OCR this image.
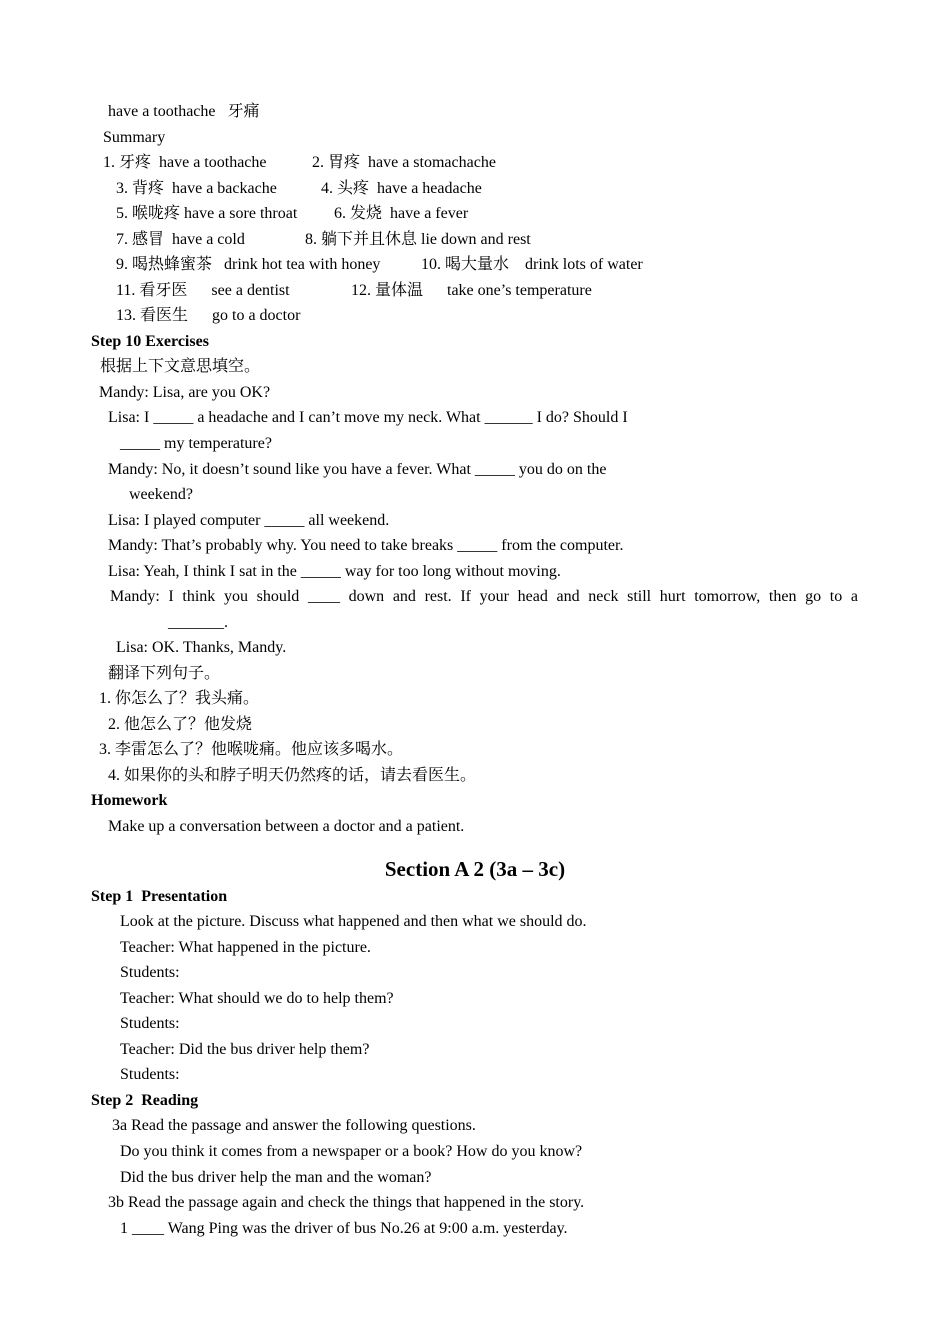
have a toothache   牙痛
Summary
1. 牙疼  have a toothache	2. 胃疼  have a stomachache
3. 背疼  have a backache	4. 头疼  have a headache
5. 喉咙疼 have a sore throat 6. 发烧  have a fever
7. 感冒  have a cold	8. 躺下并且休息 lie down and rest
9. 喝热蜂蜜茶   drink hot tea with honey	10. 喝大量水    drink lots of water
11. 看牙医      see a dentist	12. 量体温      take one’s temperature
13. 看医生      go to a doctor
Step 10 Exercises
根据上下文意思填空。
Mandy: Lisa, are you OK?
Lisa: I _____ a headache and I can’t move my neck. What ______ I do? Should I
_____ my temperature?
Mandy: No, it doesn’t sound like you have a fever. What _____ you do on the
weekend?
Lisa: I played computer _____ all weekend.
Mandy: That’s probably why. You need to take breaks _____ from the computer.
Lisa: Yeah, I think I sat in the _____ way for too long without moving.
Mandy: I think you should ____ down and rest. If your head and neck still hurt tomorrow, then go to a
_______.
Lisa: OK. Thanks, Mandy.
翻译下列句子。
1. 你怎么了？我头痛。
2. 他怎么了？他发烧
3. 李雷怎么了？他喉咙痛。他应该多喝水。
4. 如果你的头和脖子明天仍然疼的话，请去看医生。
Homework
Make up a conversation between a doctor and a patient.
Section A 2 (3a – 3c)
Step 1  Presentation
Look at the picture. Discuss what happened and then what we should do.
Teacher: What happened in the picture.
Students:
Teacher: What should we do to help them?
Students:
Teacher: Did the bus driver help them?
Students:
Step 2  Reading
3a Read the passage and answer the following questions.
Do you think it comes from a newspaper or a book? How do you know?
Did the bus driver help the man and the woman?
3b Read the passage again and check the things that happened in the story.
1 ____ Wang Ping was the driver of bus No.26 at 9:00 a.m. yesterday.
